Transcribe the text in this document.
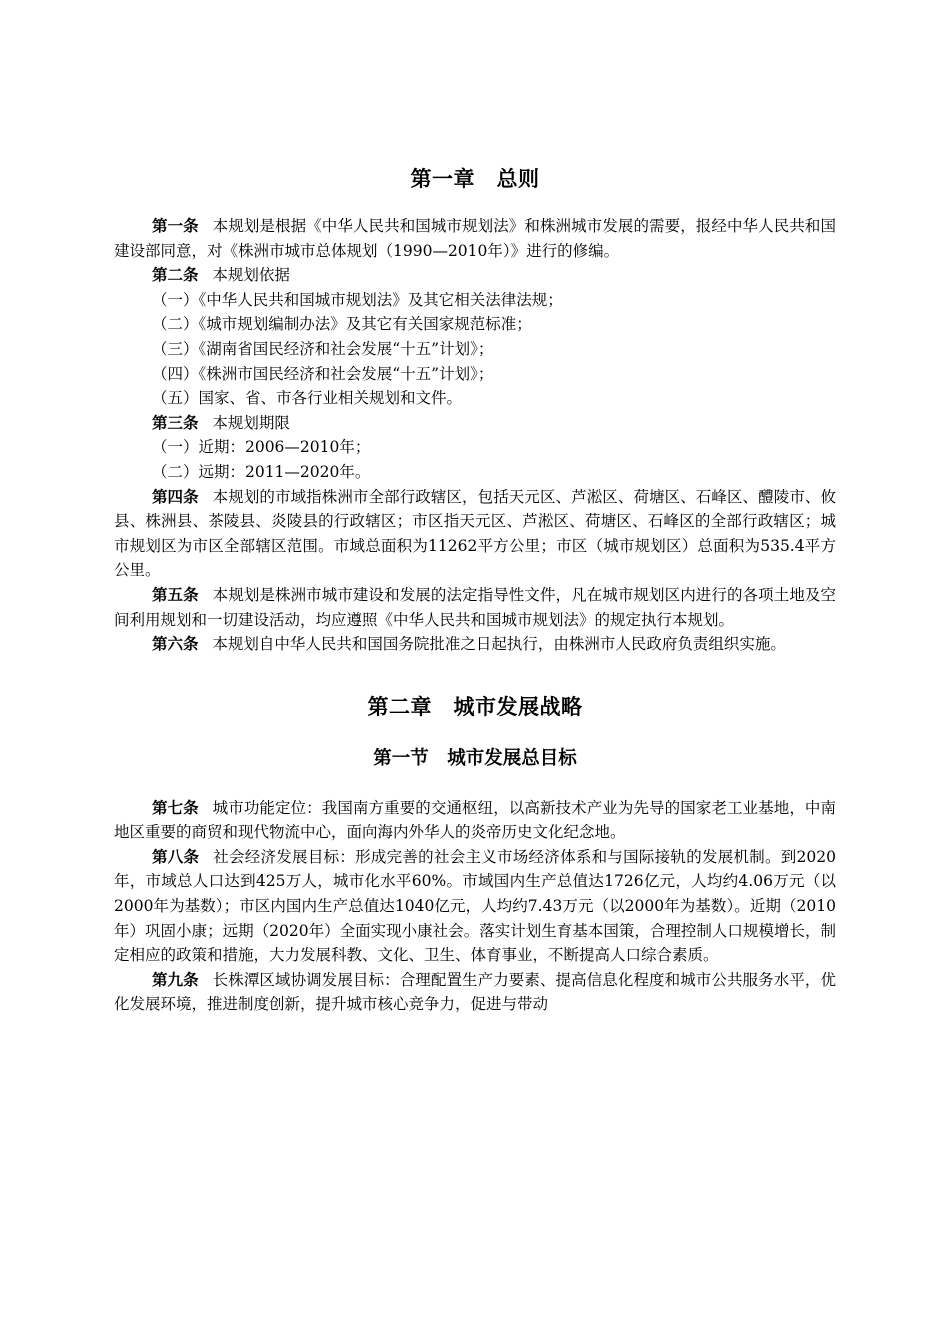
第一章　总则

第一条 本规划是根据《中华人民共和国城市规划法》和株洲城市发展的需要，报经中华人民共和国建设部同意，对《株洲市城市总体规划（1990—2010年）》进行的修编。

第二条 本规划依据

（一）《中华人民共和国城市规划法》及其它相关法律法规；

（二）《城市规划编制办法》及其它有关国家规范标准；

（三）《湖南省国民经济和社会发展“十五”计划》；

（四）《株洲市国民经济和社会发展“十五”计划》；

（五）国家、省、市各行业相关规划和文件。

第三条 本规划期限

（一）近期：2006—2010年；

（二）远期：2011—2020年。

第四条 本规划的市域指株洲市全部行政辖区，包括天元区、芦淞区、荷塘区、石峰区、醴陵市、攸县、株洲县、茶陵县、炎陵县的行政辖区；市区指天元区、芦淞区、荷塘区、石峰区的全部行政辖区；城市规划区为市区全部辖区范围。市域总面积为11262平方公里；市区（城市规划区）总面积为535.4平方公里。

第五条 本规划是株洲市城市建设和发展的法定指导性文件，凡在城市规划区内进行的各项土地及空间利用规划和一切建设活动，均应遵照《中华人民共和国城市规划法》的规定执行本规划。

第六条 本规划自中华人民共和国国务院批准之日起执行，由株洲市人民政府负责组织实施。

第二章　城市发展战略
第一节　城市发展总目标

第七条 城市功能定位：我国南方重要的交通枢纽，以高新技术产业为先导的国家老工业基地，中南地区重要的商贸和现代物流中心，面向海内外华人的炎帝历史文化纪念地。

第八条 社会经济发展目标：形成完善的社会主义市场经济体系和与国际接轨的发展机制。到2020年，市域总人口达到425万人，城市化水平60%。市域国内生产总值达1726亿元，人均约4.06万元（以2000年为基数）；市区内国内生产总值达1040亿元，人均约7.43万元（以2000年为基数）。近期（2010年）巩固小康；远期（2020年）全面实现小康社会。落实计划生育基本国策，合理控制人口规模增长，制定相应的政策和措施，大力发展科教、文化、卫生、体育事业，不断提高人口综合素质。

第九条 长株潭区域协调发展目标：合理配置生产力要素、提高信息化程度和城市公共服务水平，优化发展环境，推进制度创新，提升城市核心竞争力，促进与带动
